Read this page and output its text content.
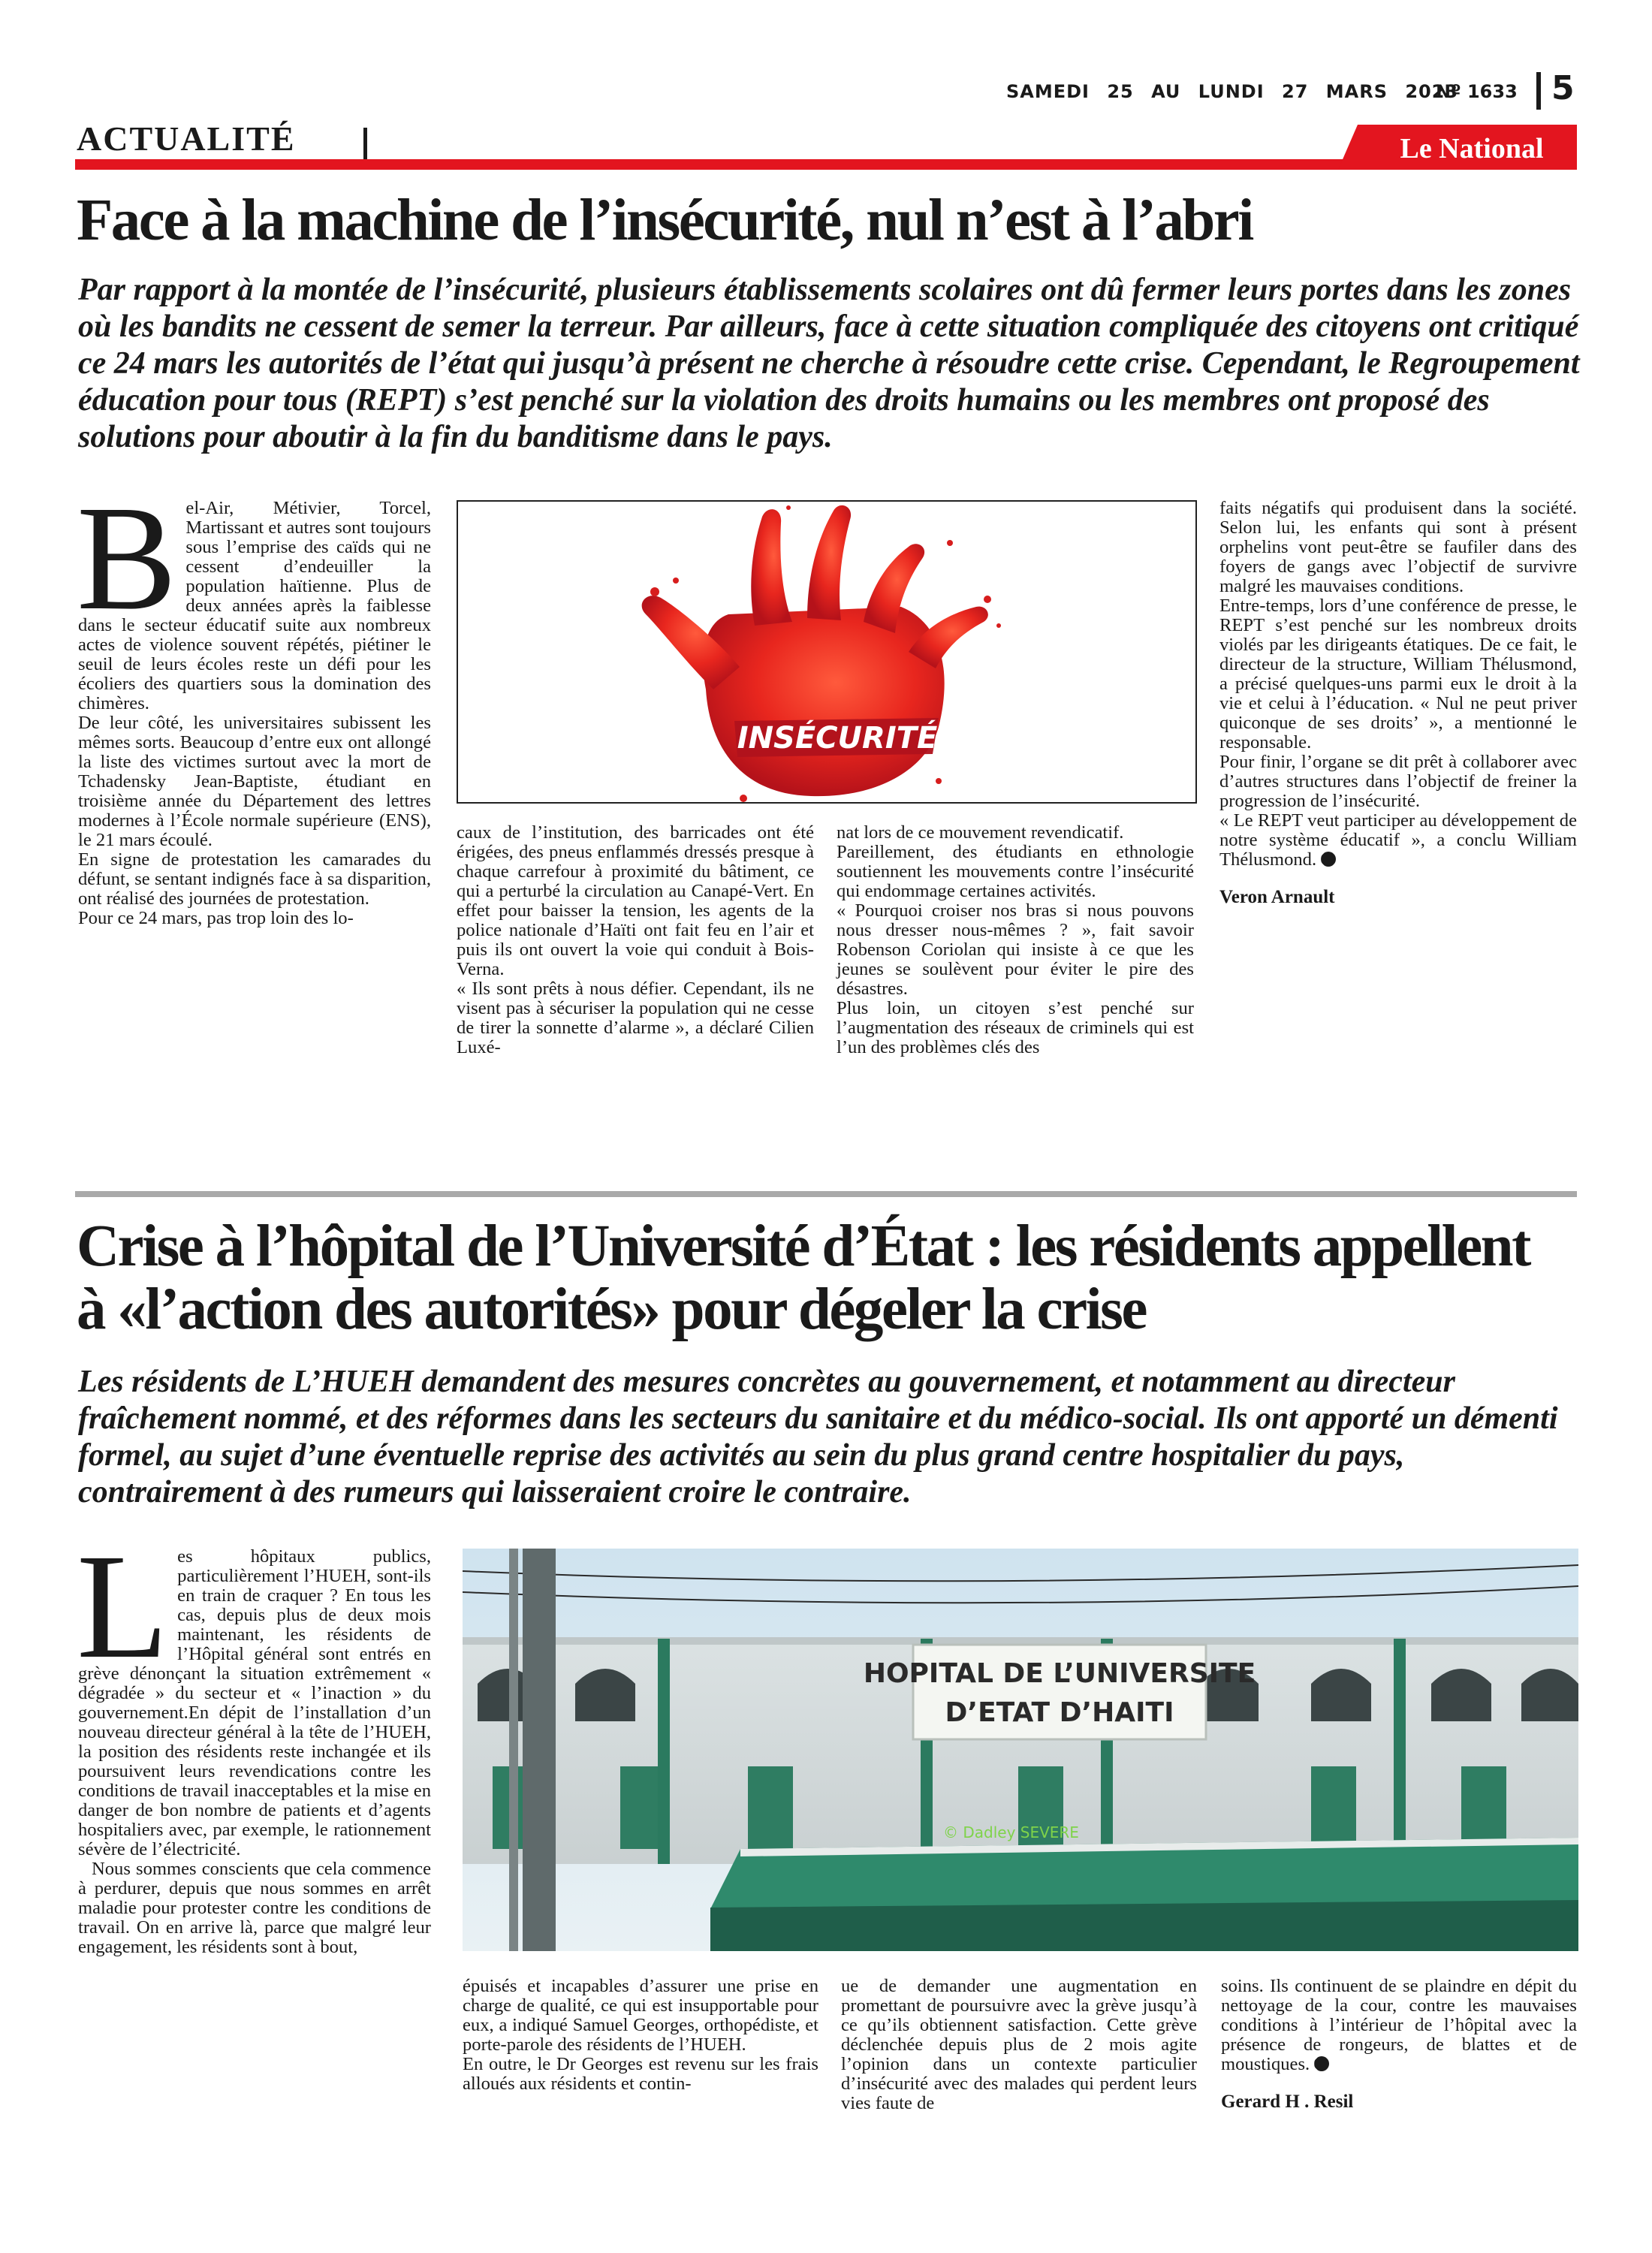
SAMEDI 25 AU LUNDI 27 MARS 2023
Nº 1633 5
ACTUALITÉ	Le National
Face à la machine de l’insécurité, nul n’est à l’abri
Par rapport à la montée de l’insécurité, plusieurs établissements scolaires ont dû fermer leurs portes dans les zones où les bandits ne cessent de semer la terreur. Par ailleurs, face à cette situation compliquée des citoyens ont critiqué ce 24 mars les autorités de l’état qui jusqu’à présent ne cherche à résoudre cette crise. Cependant, le Regroupement éducation pour tous (REPT) s’est penché sur la violation des droits humains ou les membres ont proposé des solutions pour aboutir à la fin du banditisme dans le pays.
B el-Air, Métivier, Torcel, Martissant et autres sont toujours sous l’emprise des caïds qui ne cessent d’endeuiller la population haïtienne. Plus de deux années après la faiblesse dans le secteur éducatif suite aux nombreux actes de violence souvent répétés, piétiner le seuil de leurs écoles reste un défi pour les écoliers des quartiers sous la domination des chimères.

De leur côté, les universitaires subissent les mêmes sorts. Beaucoup d’entre eux ont allongé la liste des victimes surtout avec la mort de Tchadensky Jean-Baptiste, étudiant en troisième année du Département des lettres modernes à l’École normale supérieure (ENS), le 21 mars écoulé.

En signe de protestation les camarades du défunt, se sentant indignés face à sa disparition, ont réalisé des journées de protestation.

Pour ce 24 mars, pas trop loin des lo-

INSÉCURITÉ

caux de l’institution, des barricades ont été érigées, des pneus enflammés dressés presque à chaque carrefour à proximité du bâtiment, ce qui a perturbé la circulation au Canapé-Vert. En effet pour baisser la tension, les agents de la police nationale d’Haïti ont fait feu en l’air et puis ils ont ouvert la voie qui conduit à Bois-Verna.

« Ils sont prêts à nous défier. Cependant, ils ne visent pas à sécuriser la population qui ne cesse de tirer la sonnette d’alarme », a déclaré Cilien Luxé-

nat lors de ce mouvement revendicatif.

Pareillement, des étudiants en ethnologie soutiennent les mouvements contre l’insécurité qui endommage certaines activités.

« Pourquoi croiser nos bras si nous pouvons nous dresser nous-mêmes ? », fait savoir Robenson Coriolan qui insiste à ce que les jeunes se soulèvent pour éviter le pire des désastres.

Plus loin, un citoyen s’est penché sur l’augmentation des réseaux de criminels qui est l’un des problèmes clés des

faits négatifs qui produisent dans la société. Selon lui, les enfants qui sont à présent orphelins vont peut-être se faufiler dans des foyers de gangs avec l’objectif de survivre malgré les mauvaises conditions.

Entre-temps, lors d’une conférence de presse, le REPT s’est penché sur les nombreux droits violés par les dirigeants étatiques. De ce fait, le directeur de la structure, William Thélusmond, a précisé quelques-uns parmi eux le droit à la vie et celui à l’éducation. « Nul ne peut priver quiconque de ses droits’ », a mentionné le responsable.

Pour finir, l’organe se dit prêt à collaborer avec d’autres structures dans l’objectif de freiner la progression de l’insécurité.

« Le REPT veut participer au développement de notre système éducatif », a conclu William Thélusmond.

Veron Arnault

Crise à l’hôpital de l’Université d’État : les résidents appellent
à «l’action des autorités» pour dégeler la crise
Les résidents de L’HUEH demandent des mesures concrètes au gouvernement, et notamment au directeur fraîchement nommé, et des réformes dans les secteurs du sanitaire et du médico-social. Ils ont apporté un démenti formel, au sujet d’une éventuelle reprise des activités au sein du plus grand centre hospitalier du pays, contrairement à des rumeurs qui laisseraient croire le contraire.
L es hôpitaux publics, particulièrement l’HUEH, sont-ils en train de craquer ? En tous les cas, depuis plus de deux mois maintenant, les résidents de l’Hôpital général sont entrés en grève dénonçant la situation extrêmement « dégradée » du secteur et « l’inaction » du gouvernement.En dépit de l’installation d’un nouveau directeur général à la tête de l’HUEH, la position des résidents reste inchangée et ils poursuivent leurs revendications contre les conditions de travail inacceptables et la mise en danger de bon nombre de patients et d’agents hospitaliers avec, par exemple, le rationnement sévère de l’électricité.

Nous sommes conscients que cela commence à perdurer, depuis que nous sommes en arrêt maladie pour protester contre les conditions de travail. On en arrive là, parce que malgré leur engagement, les résidents sont à bout,

HOPITAL DE L’UNIVERSITE
D’ETAT D’HAITI
© Dadley SEVERE

épuisés et incapables d’assurer une prise en charge de qualité, ce qui est insupportable pour eux, a indiqué Samuel Georges, orthopédiste, et porte-parole des résidents de l’HUEH.

En outre, le Dr Georges est revenu sur les frais alloués aux résidents et contin-

ue de demander une augmentation en promettant de poursuivre avec la grève jusqu’à ce qu’ils obtiennent satisfaction. Cette grève déclenchée depuis plus de 2 mois agite l’opinion dans un contexte particulier d’insécurité avec des malades qui perdent leurs vies faute de

soins. Ils continuent de se plaindre en dépit du nettoyage de la cour, contre les mauvaises conditions à l’intérieur de l’hôpital avec la présence de rongeurs, de blattes et de moustiques.

Gerard H . Resil
